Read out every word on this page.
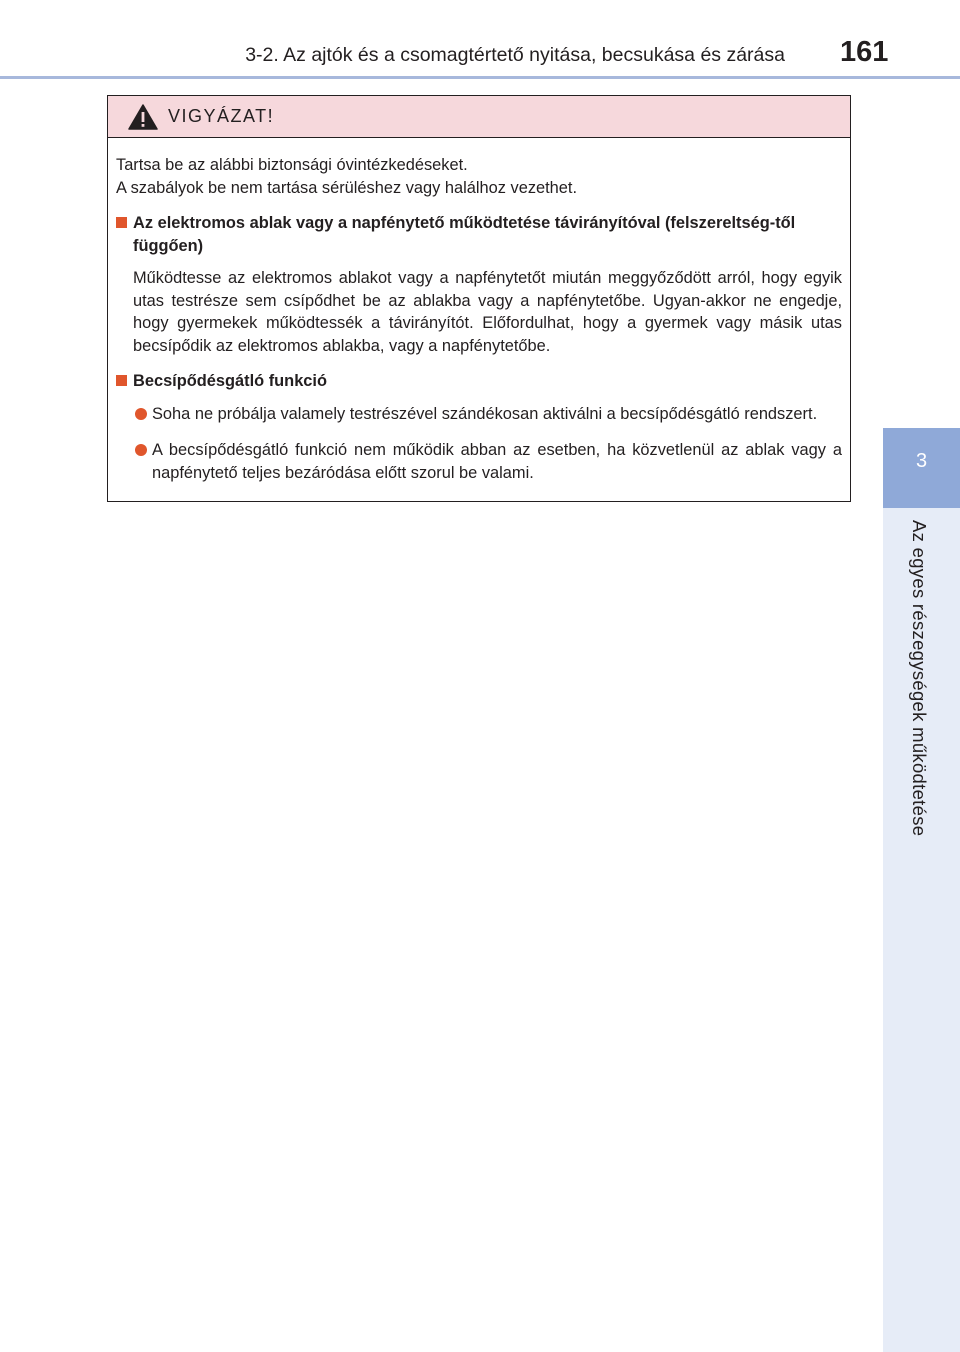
3-2. Az ajtók és a csomagtértető nyitása, becsukása és zárása 161
3
Az egyes részegységek működtetése
VIGYÁZAT!

Tartsa be az alábbi biztonsági óvintézkedéseket.

A szabályok be nem tartása sérüléshez vagy halálhoz vezethet.

Az elektromos ablak vagy a napfénytető működtetése távirányítóval (felszereltség-től függően)
Működtesse az elektromos ablakot vagy a napfénytetőt miután meggyőződött arról, hogy egyik utas testrésze sem csípődhet be az ablakba vagy a napfénytetőbe. Ugyan-akkor ne engedje, hogy gyermekek működtessék a távirányítót. Előfordulhat, hogy a gyermek vagy másik utas becsípődik az elektromos ablakba, vagy a napfénytetőbe.
Becsípődésgátló funkció
Soha ne próbálja valamely testrészével szándékosan aktiválni a becsípődésgátló rendszert.
A becsípődésgátló funkció nem működik abban az esetben, ha közvetlenül az ablak vagy a napfénytető teljes bezáródása előtt szorul be valami.
